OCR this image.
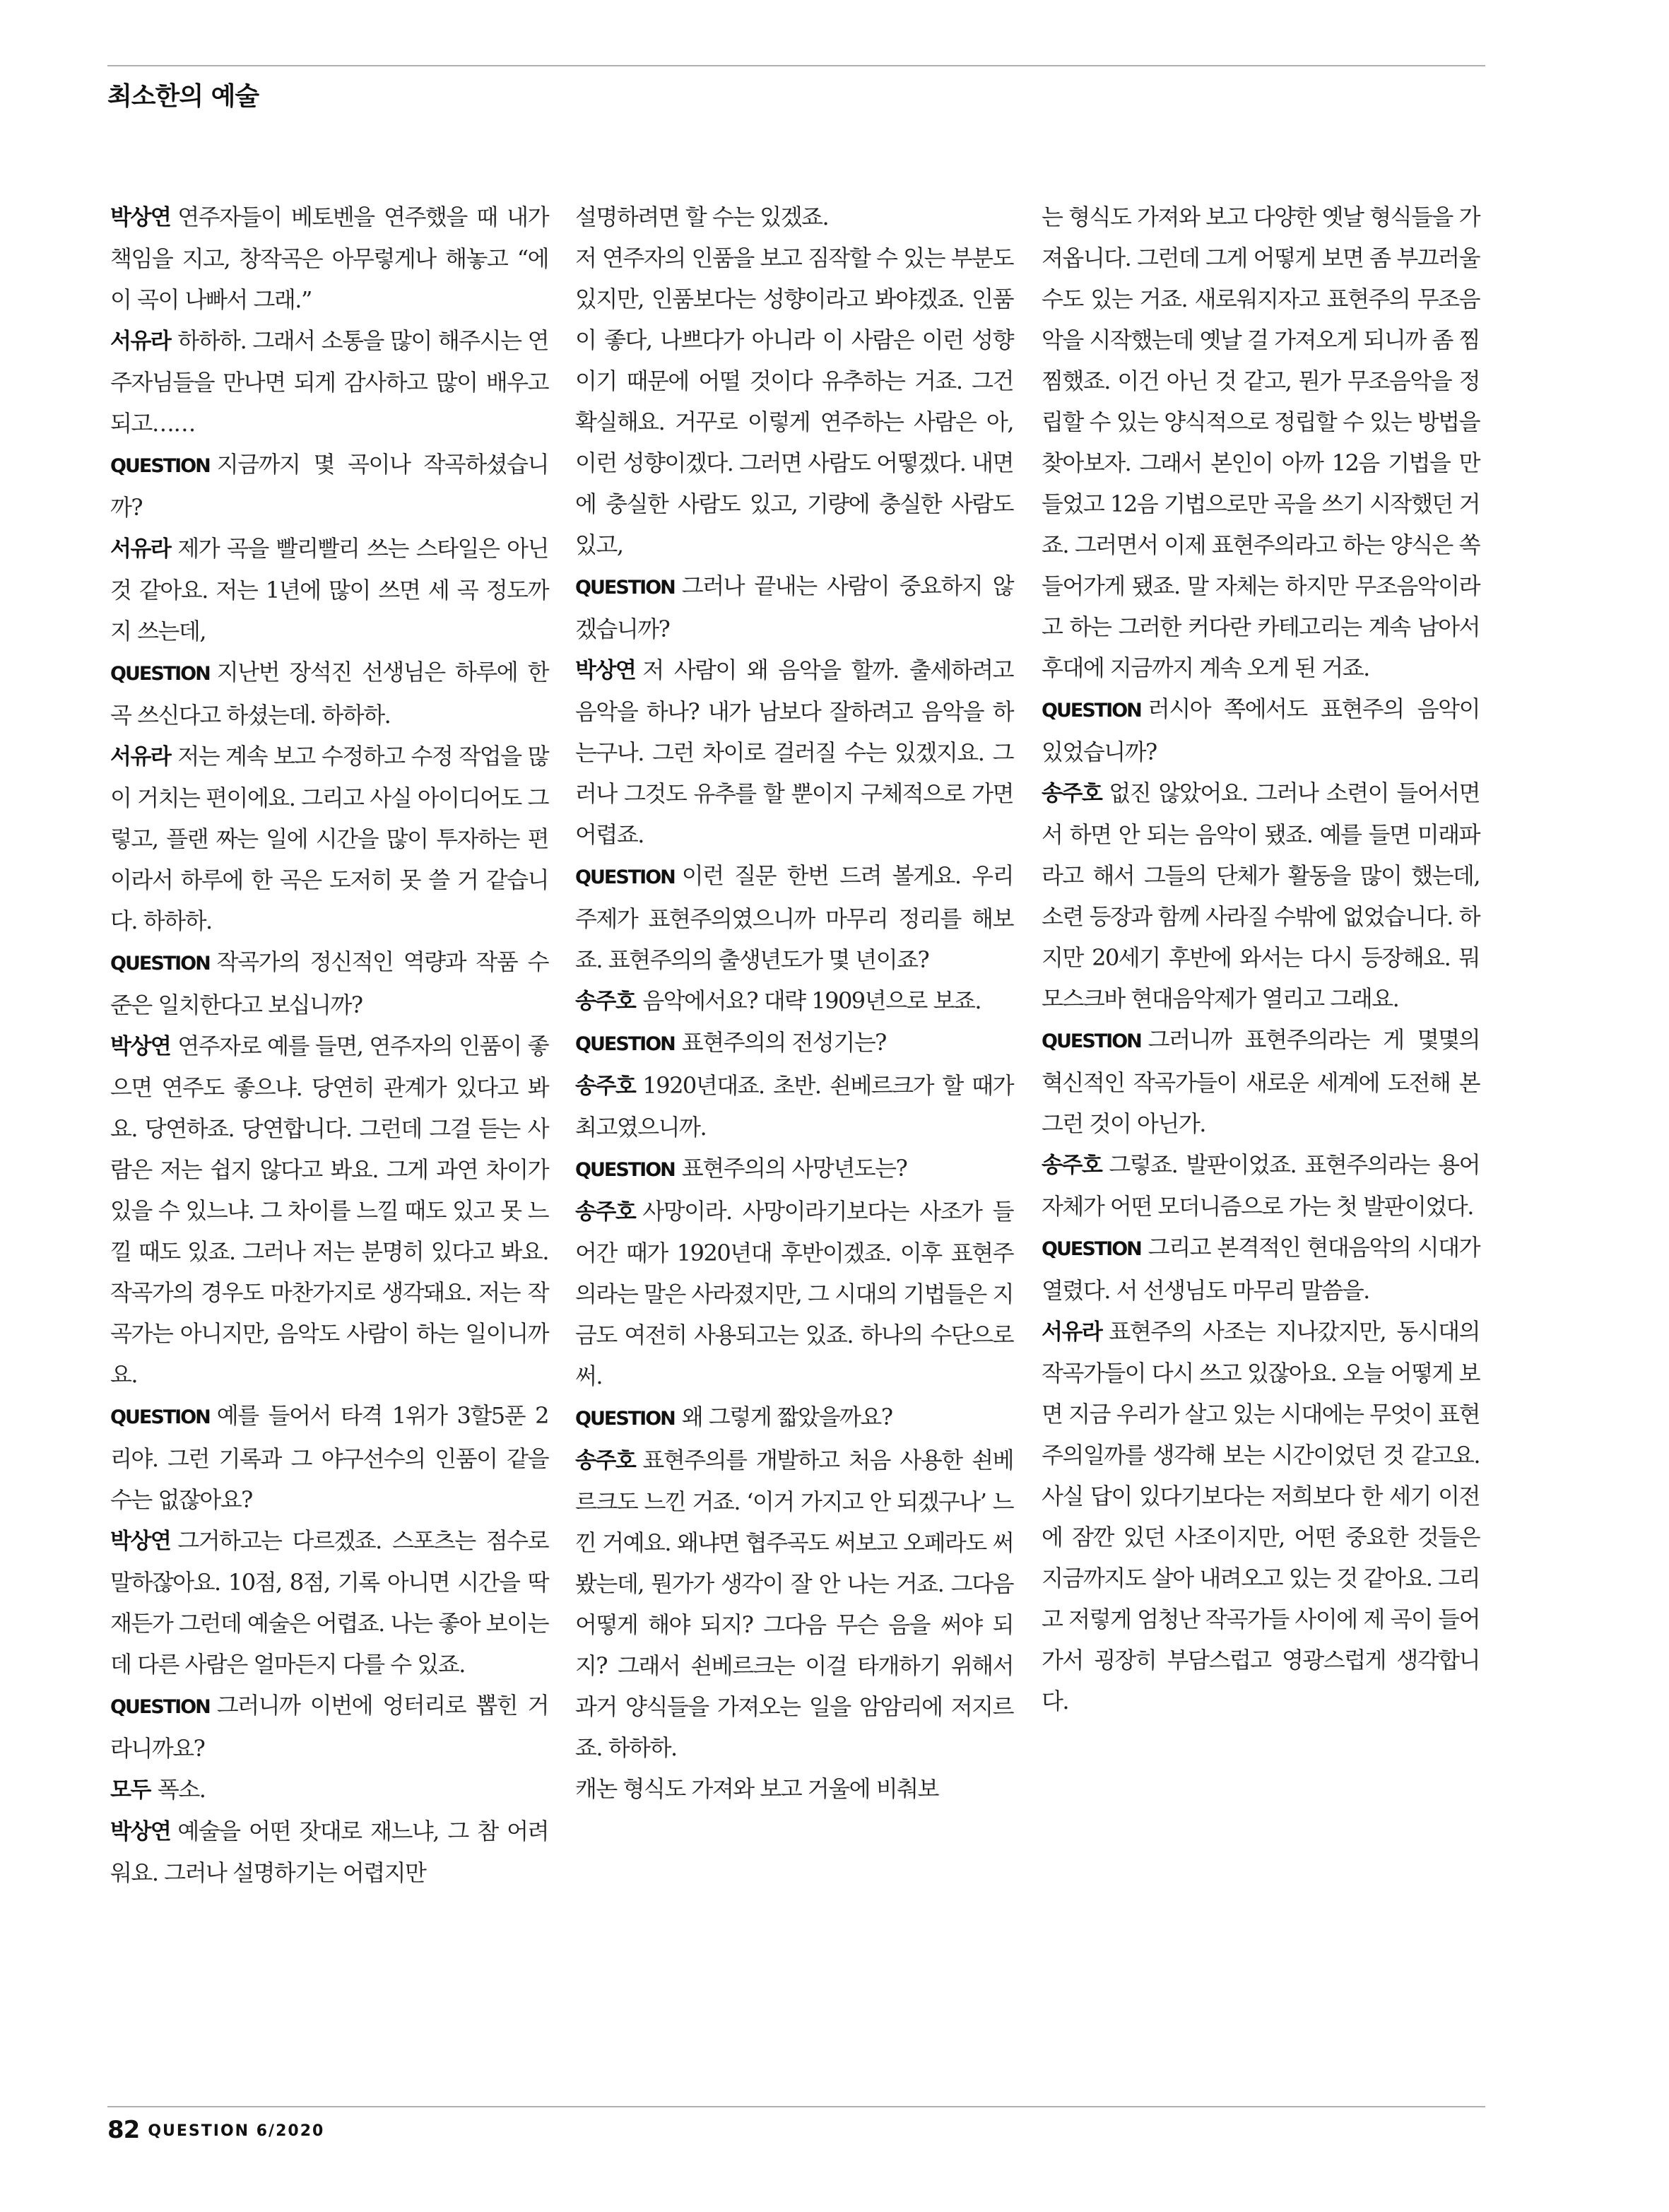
최소한의 예술

박상연 연주자들이 베토벤을 연주했을 때 내가 책임을 지고, 창작곡은 아무렇게나 해놓고 “에이 곡이 나빠서 그래.”

서유라 하하하. 그래서 소통을 많이 해주시는 연주자님들을 만나면 되게 감사하고 많이 배우고 되고……

QUESTION 지금까지 몇 곡이나 작곡하셨습니까?

서유라 제가 곡을 빨리빨리 쓰는 스타일은 아닌 것 같아요. 저는 1년에 많이 쓰면 세 곡 정도까지 쓰는데,

QUESTION 지난번 장석진 선생님은 하루에 한 곡 쓰신다고 하셨는데. 하하하.

서유라 저는 계속 보고 수정하고 수정 작업을 많이 거치는 편이에요. 그리고 사실 아이디어도 그렇고, 플랜 짜는 일에 시간을 많이 투자하는 편이라서 하루에 한 곡은 도저히 못 쓸 거 같습니다. 하하하.

QUESTION 작곡가의 정신적인 역량과 작품 수준은 일치한다고 보십니까?

박상연 연주자로 예를 들면, 연주자의 인품이 좋으면 연주도 좋으냐. 당연히 관계가 있다고 봐요. 당연하죠. 당연합니다. 그런데 그걸 듣는 사람은 저는 쉽지 않다고 봐요. 그게 과연 차이가 있을 수 있느냐. 그 차이를 느낄 때도 있고 못 느낄 때도 있죠. 그러나 저는 분명히 있다고 봐요. 작곡가의 경우도 마찬가지로 생각돼요. 저는 작곡가는 아니지만, 음악도 사람이 하는 일이니까요.

QUESTION 예를 들어서 타격 1위가 3할5푼 2리야. 그런 기록과 그 야구선수의 인품이 같을 수는 없잖아요?

박상연 그거하고는 다르겠죠. 스포츠는 점수로 말하잖아요. 10점, 8점, 기록 아니면 시간을 딱 재든가 그런데 예술은 어렵죠. 나는 좋아 보이는데 다른 사람은 얼마든지 다를 수 있죠.

QUESTION 그러니까 이번에 엉터리로 뽑힌 거라니까요?

모두 폭소.

박상연 예술을 어떤 잣대로 재느냐, 그 참 어려워요. 그러나 설명하기는 어렵지만

설명하려면 할 수는 있겠죠.

저 연주자의 인품을 보고 짐작할 수 있는 부분도 있지만, 인품보다는 성향이라고 봐야겠죠. 인품이 좋다, 나쁘다가 아니라 이 사람은 이런 성향이기 때문에 어떨 것이다 유추하는 거죠. 그건 확실해요. 거꾸로 이렇게 연주하는 사람은 아, 이런 성향이겠다. 그러면 사람도 어떻겠다. 내면에 충실한 사람도 있고, 기량에 충실한 사람도 있고,

QUESTION 그러나 끝내는 사람이 중요하지 않겠습니까?

박상연 저 사람이 왜 음악을 할까. 출세하려고 음악을 하나? 내가 남보다 잘하려고 음악을 하는구나. 그런 차이로 걸러질 수는 있겠지요. 그러나 그것도 유추를 할 뿐이지 구체적으로 가면 어렵죠.

QUESTION 이런 질문 한번 드려 볼게요. 우리 주제가 표현주의였으니까 마무리 정리를 해보죠. 표현주의의 출생년도가 몇 년이죠?

송주호 음악에서요? 대략 1909년으로 보죠.

QUESTION 표현주의의 전성기는?

송주호 1920년대죠. 초반. 쇤베르크가 할 때가 최고였으니까.

QUESTION 표현주의의 사망년도는?

송주호 사망이라. 사망이라기보다는 사조가 들어간 때가 1920년대 후반이겠죠. 이후 표현주의라는 말은 사라졌지만, 그 시대의 기법들은 지금도 여전히 사용되고는 있죠. 하나의 수단으로써.

QUESTION 왜 그렇게 짧았을까요?

송주호 표현주의를 개발하고 처음 사용한 쇤베르크도 느낀 거죠. ‘이거 가지고 안 되겠구나’ 느낀 거예요. 왜냐면 협주곡도 써보고 오페라도 써봤는데, 뭔가가 생각이 잘 안 나는 거죠. 그다음 어떻게 해야 되지? 그다음 무슨 음을 써야 되지? 그래서 쇤베르크는 이걸 타개하기 위해서 과거 양식들을 가져오는 일을 암암리에 저지르죠. 하하하.

캐논 형식도 가져와 보고 거울에 비춰보

는 형식도 가져와 보고 다양한 옛날 형식들을 가져옵니다. 그런데 그게 어떻게 보면 좀 부끄러울 수도 있는 거죠. 새로워지자고 표현주의 무조음악을 시작했는데 옛날 걸 가져오게 되니까 좀 찜찜했죠. 이건 아닌 것 같고, 뭔가 무조음악을 정립할 수 있는 양식적으로 정립할 수 있는 방법을 찾아보자. 그래서 본인이 아까 12음 기법을 만들었고 12음 기법으로만 곡을 쓰기 시작했던 거죠. 그러면서 이제 표현주의라고 하는 양식은 쏙 들어가게 됐죠. 말 자체는 하지만 무조음악이라고 하는 그러한 커다란 카테고리는 계속 남아서 후대에 지금까지 계속 오게 된 거죠.

QUESTION 러시아 쪽에서도 표현주의 음악이 있었습니까?

송주호 없진 않았어요. 그러나 소련이 들어서면서 하면 안 되는 음악이 됐죠. 예를 들면 미래파라고 해서 그들의 단체가 활동을 많이 했는데, 소련 등장과 함께 사라질 수밖에 없었습니다. 하지만 20세기 후반에 와서는 다시 등장해요. 뭐 모스크바 현대음악제가 열리고 그래요.

QUESTION 그러니까 표현주의라는 게 몇몇의 혁신적인 작곡가들이 새로운 세계에 도전해 본 그런 것이 아닌가.

송주호 그렇죠. 발판이었죠. 표현주의라는 용어 자체가 어떤 모더니즘으로 가는 첫 발판이었다.

QUESTION 그리고 본격적인 현대음악의 시대가 열렸다. 서 선생님도 마무리 말씀을.

서유라 표현주의 사조는 지나갔지만, 동시대의 작곡가들이 다시 쓰고 있잖아요. 오늘 어떻게 보면 지금 우리가 살고 있는 시대에는 무엇이 표현주의일까를 생각해 보는 시간이었던 것 같고요. 사실 답이 있다기보다는 저희보다 한 세기 이전에 잠깐 있던 사조이지만, 어떤 중요한 것들은 지금까지도 살아 내려오고 있는 것 같아요. 그리고 저렇게 엄청난 작곡가들 사이에 제 곡이 들어가서 굉장히 부담스럽고 영광스럽게 생각합니다.

82 QUESTION 6/2020
